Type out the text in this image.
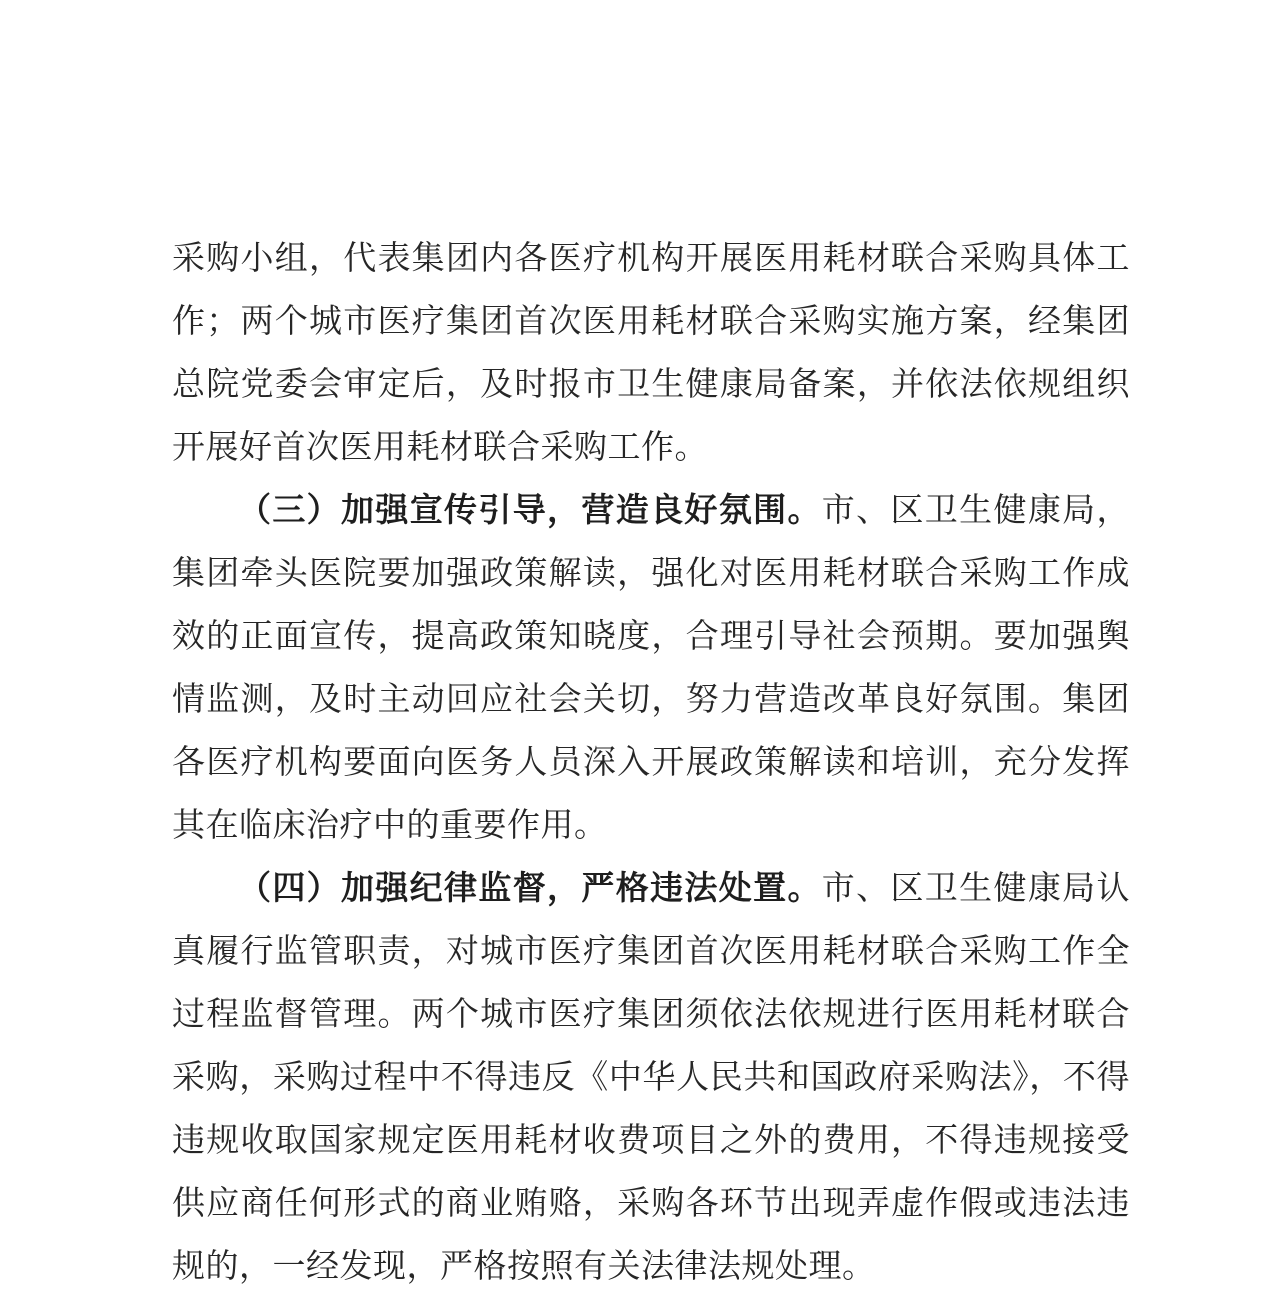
采购小组，代表集团内各医疗机构开展医用耗材联合采购具体工作；两个城市医疗集团首次医用耗材联合采购实施方案，经集团总院党委会审定后，及时报市卫生健康局备案，并依法依规组织开展好首次医用耗材联合采购工作。

（三）加强宣传引导，营造良好氛围。市、区卫生健康局，集团牵头医院要加强政策解读，强化对医用耗材联合采购工作成效的正面宣传，提高政策知晓度，合理引导社会预期。要加强舆情监测，及时主动回应社会关切，努力营造改革良好氛围。集团各医疗机构要面向医务人员深入开展政策解读和培训，充分发挥其在临床治疗中的重要作用。

（四）加强纪律监督，严格违法处置。市、区卫生健康局认真履行监管职责，对城市医疗集团首次医用耗材联合采购工作全过程监督管理。两个城市医疗集团须依法依规进行医用耗材联合采购，采购过程中不得违反《中华人民共和国政府采购法》，不得违规收取国家规定医用耗材收费项目之外的费用，不得违规接受供应商任何形式的商业贿赂，采购各环节出现弄虚作假或违法违规的，一经发现，严格按照有关法律法规处理。
